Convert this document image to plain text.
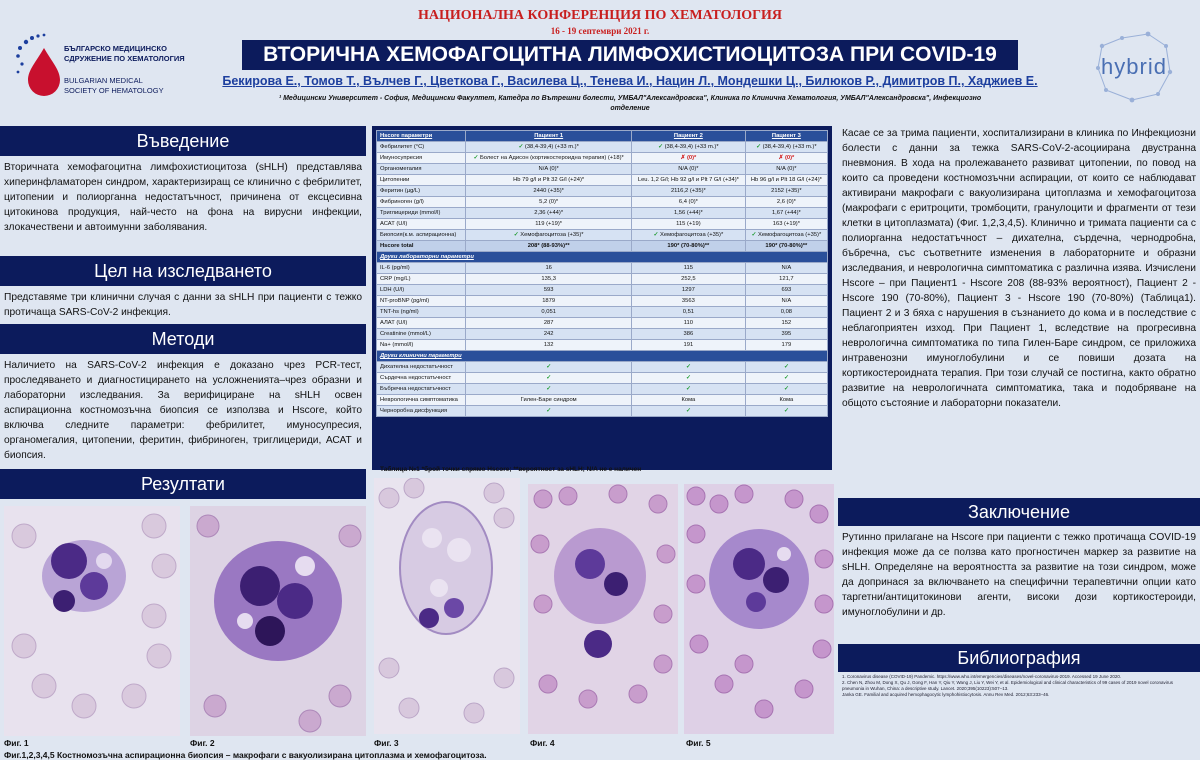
НАЦИОНАЛНА КОНФЕРЕНЦИЯ ПО ХЕМАТОЛОГИЯ
16 - 19 септември 2021 г.
БЪЛГАРСКО МЕДИЦИНСКО
СДРУЖЕНИЕ ПО ХЕМАТОЛОГИЯ
BULGARIAN MEDICAL
SOCIETY OF HEMATOLOGY
hybrid
ВТОРИЧНА ХЕМОФАГОЦИТНА ЛИМФОХИСТИОЦИТОЗА ПРИ COVID-19
Бекирова Е., Томов Т., Вълчев Г., Цветкова Г., Василева Ц., Тенева И., Нацин Л., Мондешки Ц., Билюков Р., Димитров П., Хаджиев Е.
¹ Медицински Университет - София, Медицински Факултет, Катедра по Вътрешни болести, УМБАЛ"Александровска", Клиника по Клинична Хематология, УМБАЛ"Александровска", Инфекциозно
отделение
Въведение
Вторичната хемофагоцитна лимфохистиоцитоза (sHLH) представлява хиперинфламаторен синдром, характеризиращ се клинично с фебрилитет, цитопении и полиорганна недостатъчност, причинена от ексцесивна цитокинова продукция, най-често на фона на вирусни инфекции, злокачествени и автоимунни заболявания.
Цел на изследването
Представяме три клинични случая с данни за sHLH при пациенти с тежко протичаща SARS-CoV-2 инфекция.
Методи
Наличието на SARS-CoV-2 инфекция е доказано чрез PCR-тест, проследяването и диагностицирането на усложненията–чрез образни и лабораторни изследвания. За верифициране на sHLH освен аспирационна костномозъчна биопсия се използва и Hscore, който включва следните параметри: фебрилитет, имуносупресия, органомегалия, цитопении, феритин, фибриноген, триглицериди, АСАТ и биопсия.
Резултати
Hscore параметри	Пациент 1	Пациент 2	Пациент 3
Фебрилитет (°C)	✓ (38,4-39,4) (+33 m.)*	✓ (38,4-39,4) (+33 m.)*	✓ (38,4-39,4) (+33 m.)*
Имуносупресия	✓ Болест на Адисон (кортикостероидна терапия) (+18)*	✗ (0)*	✗ (0)*
Органомегалия	N/A (0)*	N/A (0)*	N/A (0)*
Цитопении	Hb 79 g/l и Plt 32 G/l (+24)*	Leu. 1,2 G/l; Hb 92 g/l и Plt 7 G/l (+34)*	Hb 96 g/l и Plt 18 G/l (+24)*
Феритин (µg/L)	2440 (+35)*	2116,2 (+35)*	2152 (+35)*
Фибриноген (g/l)	5,2 (0)*	6,4 (0)*	2,6 (0)*
Триглицериди (mmol/l)	2,36 (+44)*	1,56 (+44)*	1,67 (+44)*
АСАТ (U/l)	119 (+19)*	115 (+19)	163 (+19)*
Биопсия(к.м. аспирационна)	✓ Хемофагоцитоза (+35)*	✓ Хемофагоцитоза (+35)*	✓ Хемофагоцитоза (+35)*
Hscore total	208* (88-93%)**	190* (70-80%)**	190* (70-80%)**
Други лабораторни параметри			
IL-6 (pg/ml)	16	115	N/A
CRP (mg/L)	135,3	252,5	121,7
LDH (U/l)	593	1297	693
NT-proBNP (pg/ml)	1879	3563	N/A
TNT-hs (ng/ml)	0,051	0,51	0,08
АЛАТ (U/l)	287	110	152
Creatinine (mmol/L)	242	386	395
Na+ (mmol/l)	132	191	179
Други клинични параметри			
Дихателна недостатъчност	✓	✓	✓
Сърдечна недостатъчност	✓	✓	✓
Бъбречна недостатъчност	✓	✓	✓
Неврологична симптоматика	Гилен-Баре синдром	Кома	Кома
Черноробна дисфункция	✓	✓	✓
Таблица №1 *брой точки спрямо Hscore; **вероятност за sHLH; N/A не е наличен
Фиг. 1	Фиг. 2	Фиг. 3	Фиг. 4	Фиг. 5
Фиг.1,2,3,4,5 Костномозъчна аспирационна биопсия – макрофаги с вакуолизирана цитоплазма и хемофагоцитоза.
Касае се за трима пациенти, хоспитализирани в клиника по Инфекциозни болести с данни за тежка SARS-CoV-2-асоциирана двустранна пневмония. В хода на пролежаването развиват цитопении, по повод на които са проведени костномозъчни аспирации, от които се наблюдават активирани макрофаги с вакуолизирана цитоплазма и хемофагоцитоза (макрофаги с еритроцити, тромбоцити, гранулоцити и фрагменти от тези клетки в цитоплазмата) (Фиг. 1,2,3,4,5). Клинично и тримата пациенти са с полиорганна недостатъчност – дихателна, сърдечна, чернодробна, бъбречна, със съответните изменения в лабораторните и образни изследвания, и неврологична симптоматика с различна изява. Изчислени Hscore – при Пациент1 - Hscore 208 (88-93% вероятност), Пациент 2 - Hscore 190 (70-80%), Пациент 3 - Hscore 190 (70-80%) (Таблица1). Пациент 2 и 3 бяха с нарушения в съзнанието до кома и в последствие с неблагоприятен изход. При Пациент 1, вследствие на прогресивна неврологична симптоматика по типа Гилен-Баре синдром, се приложиха интравенозни имуноглобулини и се повиши дозата на кортикостероидната терапия. При този случай се постигна, както обратно развитие на неврологичната симптоматика, така и подобряване на общото състояние и лабораторни показатели.
Заключение
Рутинно прилагане на Hscore при пациенти с тежко протичаща COVID-19 инфекция може да се ползва като прогностичен маркер за развитие на sHLH. Определяне на вероятността за развитие на този синдром, може да допринася за включването на специфични терапевтични опции като таргетни/антицитокинови агенти, високи дози кортикостероиди, имуноглобулини и др.
Библиография
1. Coronavirus disease (COVID-19) Pandemic. https://www.who.int/emergencies/diseases/novel-coronavirus-2019. Accessed 19 June 2020.
2. Chen N, Zhou M, Dong X, Qu J, Gong F, Han Y, Qiu Y, Wang J, Liu Y, Wei Y, et al. Epidemiological and clinical characteristics of 99 cases of 2019 novel coronavirus pneumonia in Wuhan, China: a descriptive study. Lancet. 2020;395(10223):507–13.
Janka GE. Familial and acquired hemophagocytic lymphohistiocytosis. Annu Rev Med. 2012;63:233–46.
